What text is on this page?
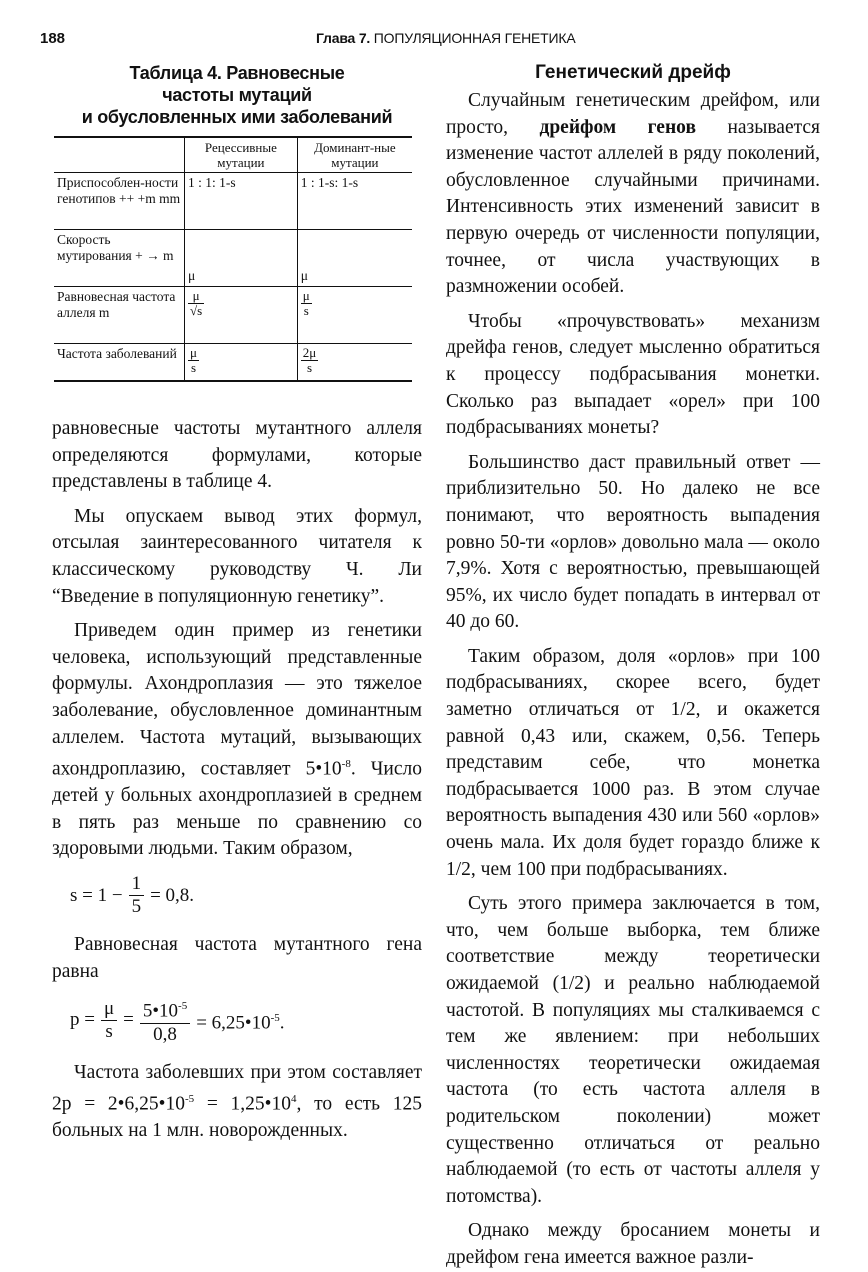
188	Глава 7. ПОПУЛЯЦИОННАЯ ГЕНЕТИКА
Таблица 4. Равновесные
частоты мутаций
и обусловленных ими заболеваний
	Рецессивные мутации	Доминант-ные мутации
Приспособлен-ности генотипов ++ +m mm	1 : 1: 1-s	1 : 1-s: 1-s
Скорость мутирования + → m	μ	μ
Равновесная частота аллеля m	$\frac{\mu}{√s}$	$\frac{\mu}{s}$

Частота заболеваний	$\frac{\mu}{s}$	$\frac{2\mu}{s}$

равновесные частоты мутантного аллеля определяются формулами, которые представлены в таблице 4.

Мы опускаем вывод этих формул, отсылая заинтересованного читателя к классическому руководству Ч. Ли “Введение в популяционную генетику”.

Приведем один пример из генетики человека, использующий представленные формулы. Ахондроплазия — это тяжелое заболевание, обусловленное доминантным аллелем. Частота мутаций, вызывающих ахондроплазию, составляет $5•10^{-8}$. Число детей у больных ахондроплазией в среднем в пять раз меньше по сравнению со здоровыми людьми. Таким образом,

$s = 1 - \frac{1}{5} = 0,8$.

Равновесная частота мутантного гена равна

$p = \frac{\mu}{s} = \frac{5•10^{-5}}{0,8}$ = $6,25•10^{-5}$.

Частота заболевших при этом составляет $2p = 2•6,25•10^{-5}$ = $1,25•10^4$, то есть 125 больных на 1 млн. новорожденных.

Генетический дрейф

Случайным генетическим дрейфом, или просто, дрейфом генов называется изменение частот аллелей в ряду поколений, обусловленное случайными причинами. Интенсивность этих изменений зависит в первую очередь от численности популяции, точнее, от числа участвующих в размножении особей.

Чтобы «прочувствовать» механизм дрейфа генов, следует мысленно обратиться к процессу подбрасывания монетки. Сколько раз выпадает «орел» при 100 подбрасываниях монеты?

Большинство даст правильный ответ — приблизительно 50. Но далеко не все понимают, что вероятность выпадения ровно 50-ти «орлов» довольно мала — около 7,9%. Хотя с вероятностью, превышающей 95%, их число будет попадать в интервал от 40 до 60.

Таким образом, доля «орлов» при 100 подбрасываниях, скорее всего, будет заметно отличаться от 1/2, и окажется равной 0,43 или, скажем, 0,56. Теперь представим себе, что монетка подбрасывается 1000 раз. В этом случае вероятность выпадения 430 или 560 «орлов» очень мала. Их доля будет гораздо ближе к 1/2, чем 100 при подбрасываниях.

Суть этого примера заключается в том, что, чем больше выборка, тем ближе соответствие между теоретически ожидаемой (1/2) и реально наблюдаемой частотой. В популяциях мы сталкиваемся с тем же явлением: при небольших численностях теоретически ожидаемая частота (то есть частота аллеля в родительском поколении) может существенно отличаться от реально наблюдаемой (то есть от частоты аллеля у потомства).

Однако между бросанием монеты и дрейфом гена имеется важное разли-
